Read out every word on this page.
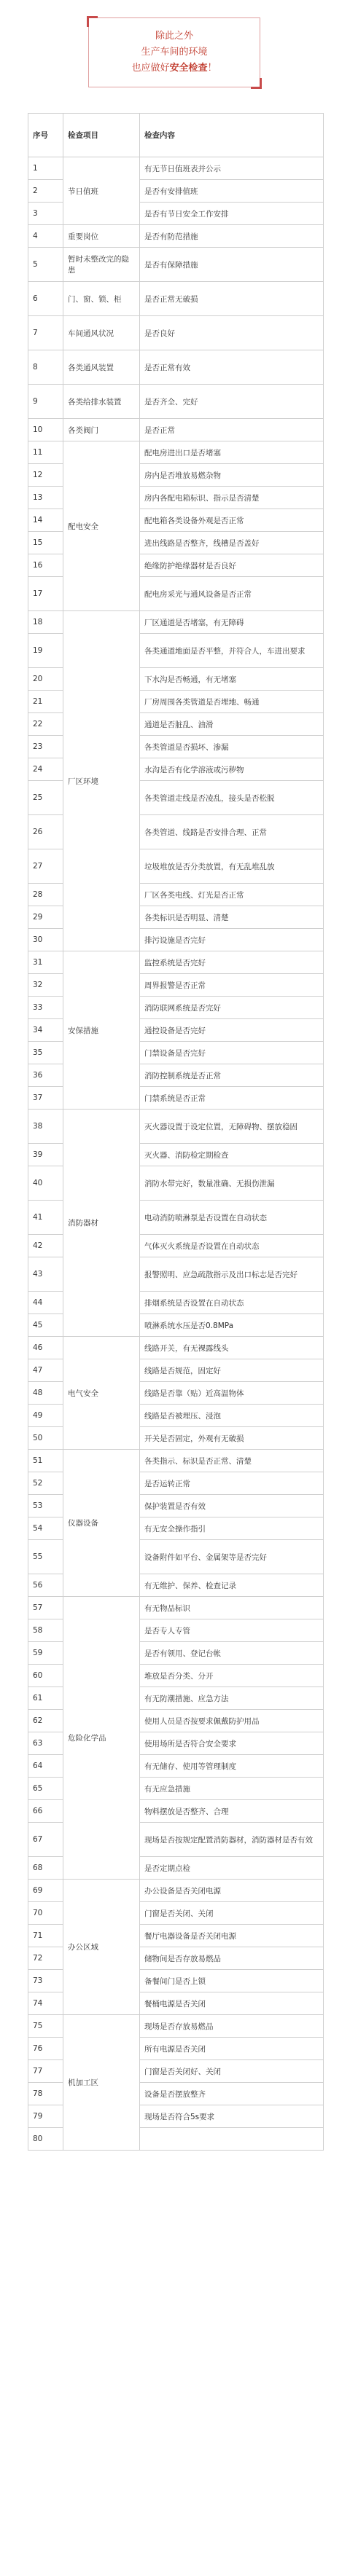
除此之外
生产车间的环境
也应做好安全检查！
序号	检查项目	检查内容
1	节日值班	有无节日值班表并公示
2		是否有安排值班
3		是否有节日安全工作安排
4	重要岗位	是否有防范措施
5	暂时未整改完的隐患	是否有保障措施
6	门、窗、锁、柜	是否正常无破损
7	车间通风状况	是否良好
8	各类通风装置	是否正常有效
9	各类给排水装置	是否齐全、完好
10	各类阀门	是否正常
11	配电安全	配电房进出口是否堵塞
12		房内是否堆放易燃杂物
13		房内各配电箱标识、指示是否清楚
14		配电箱各类设备外观是否正常
15		进出线路是否整齐，线槽是否盖好
16		绝缘防护绝缘器材是否良好
17		配电房采光与通风设备是否正常
18	厂区环境	厂区通道是否堵塞，有无障碍
19		各类通道地面是否平整，并符合人，车进出要求
20		下水沟是否畅通，有无堵塞
21		厂房周围各类管道是否埋地、畅通
22		通道是否脏乱、油滑
23		各类管道是否损坏、渗漏
24		水沟是否有化学溶液或污秽物
25		各类管道走线是否凌乱，接头是否松脱
26		各类管道、线路是否安排合理、正常
27		垃圾堆放是否分类放置，有无乱堆乱放
28		厂区各类电线、灯光是否正常
29		各类标识是否明显、清楚
30		排污设施是否完好
31	安保措施	监控系统是否完好
32		周界报警是否正常
33		消防联网系统是否完好
34		通控设备是否完好
35		门禁设备是否完好
36		消防控制系统是否正常
37		门禁系统是否正常
38	消防器材	灭火器设置于设定位置，无障碍物、摆放稳固
39		灭火器、消防检定期检查
40		消防水带完好，数量准确、无损伤泄漏
41		电动消防喷淋泵是否设置在自动状态
42		气体灭火系统是否设置在自动状态
43		报警照明、应急疏散指示及出口标志是否完好
44		排烟系统是否设置在自动状态
45		喷淋系统水压是否0.8MPa
46	电气安全	线路开关，有无裸露线头
47		线路是否规范，固定好
48		线路是否靠（贴）近高温物体
49		线路是否被埋压、浸泡
50		开关是否固定，外观有无破损
51	仪器设备	各类指示、标识是否正常、清楚
52		是否运转正常
53		保护装置是否有效
54		有无安全操作指引
55		设备附件如平台、金属架等是否完好
56		有无维护、保养、检查记录
57	危险化学品	有无物品标识
58		是否专人专管
59		是否有领用、登记台帐
60		堆放是否分类、分开
61		有无防潮措施、应急方法
62		使用人员是否按要求佩戴防护用品
63		使用场所是否符合安全要求
64		有无储存、使用等管理制度
65		有无应急措施
66		物料摆放是否整齐、合理
67		现场是否按规定配置消防器材，消防器材是否有效
68		是否定期点检
69	办公区域	办公设备是否关闭电源
70		门窗是否关闭、关闭
71		餐厅电器设备是否关闭电源
72		储物间是否存放易燃品
73		备餐间门是否上锁
74		餐桶电源是否关闭
75	机加工区	现场是否存放易燃品
76		所有电源是否关闭
77		门窗是否关闭好、关闭
78		设备是否摆放整齐
79		现场是否符合5s要求
80		
